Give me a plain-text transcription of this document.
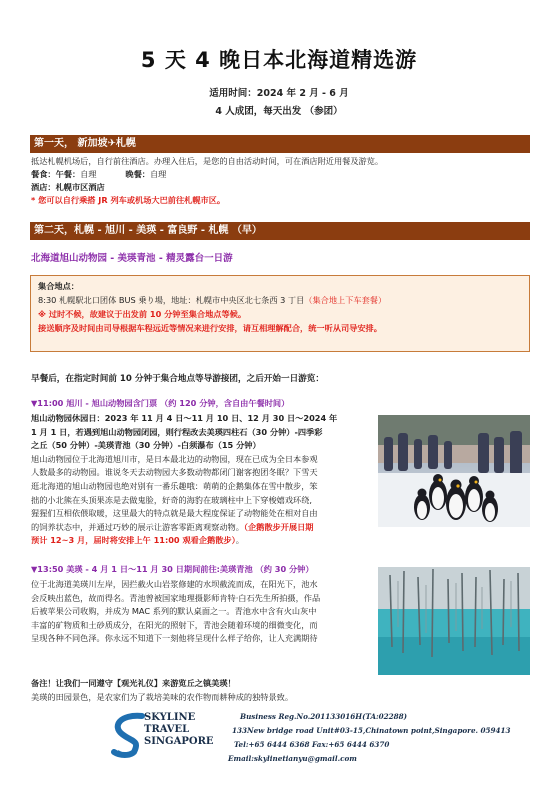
5 天 4 晚日本北海道精选游
适用时间：2024 年 2 月 - 6 月
4 人成团，每天出发 （参团）
第一天， 新加坡✈札幌
抵达札幌机场后，自行前往酒店。办理入住后，是您的自由活动时间，可在酒店附近用餐及游览。
餐食：午餐：自理	晚餐：自理
酒店：札幌市区酒店
* 您可以自行乘搭 JR 列车或机场大巴前往札幌市区。
第二天，札幌 - 旭川 - 美瑛 - 富良野 - 札幌 （早）
北海道旭山动物园 - 美瑛青池 - 精灵露台一日游
集合地点：
8:30 札幌駅北口团体 BUS 乗り場，地址：札幌市中央区北七条西 3 丁目（集合地上下车套餐）
※ 过时不候，故建议于出发前 10 分钟至集合地点等候。
接送顺序及时间由司导根据车程远近等情况来进行安排，请互相理解配合，统一听从司导安排。
早餐后，在指定时间前 10 分钟于集合地点等导游接团，之后开始一日游览：
▼11:00 旭川 - 旭山动物园含门票 （约 120 分钟，含自由午餐时间）
旭山动物园休园日：2023 年 11 月 4 日～11 月 10 日、12 月 30 日～2024 年
1 月 1 日，若遇到旭山动物园闭园，则行程改去美瑛四柱石（30 分钟）-四季彩
之丘（50 分钟）-美瑛青池（30 分钟）-白须瀑布（15 分钟）
旭山动物园位于北海道旭川市，是日本最北边的动物园，现在已成为全日本参观
人数最多的动物园。谁说冬天去动物园大多数动物都闭门谢客抱团冬眠？下雪天
逛北海道的旭山动物园也绝对别有一番乐趣哦：萌萌的企鹅集体在雪中散步，笨
拙的小北熊在头顶果冻是去做鬼脸，好奇的海豹在玻璃柱中上下穿梭嬉戏环绕,
猩猩们互相依偎取暖，这里最大的特点就是最大程度保证了动物能处在相对自由
的饲养状态中，并通过巧妙的展示让游客零距离观察动物。（企鹅散步开展日期
预计 12~3 月，届时将安排上午 11:00 观看企鹅散步）。
▼13:50 美瑛 - 4 月 1 日～11 月 30 日期间前往:美瑛青池 （约 30 分钟）
位于北海道美瑛川左岸，因拦截火山岩浆修建的水坝截流而成，在阳光下，池水
会反映出蓝色，故而得名。青池曾被国家地理摄影师肯特·白石先生所拍摄，作品
后被苹果公司收购，并成为 MAC 系列的默认桌面之一。青池水中含有火山灰中
丰富的矿物质和土砂质成分，在阳光的照射下，青池会随着环境的细微变化，而
呈现各种不同色泽。你永远不知道下一刻他将呈现什么样子给你，让人充满期待
备注！让我们一同遵守【观光礼仪】来游览丘之镇美瑛！
美瑛的田园景色，是农家们为了栽培美味的农作物而耕种成的独特景致。
SKYLINE
TRAVEL
SINGAPORE
Business Reg.No.201133016H(TA:02288)
133New bridge road Unit#03-15,Chinatown point,Singapore. 059413
Tel:+65 6444 6368 Fax:+65 6444 6370
Email:skylinetianyu@gmail.com
